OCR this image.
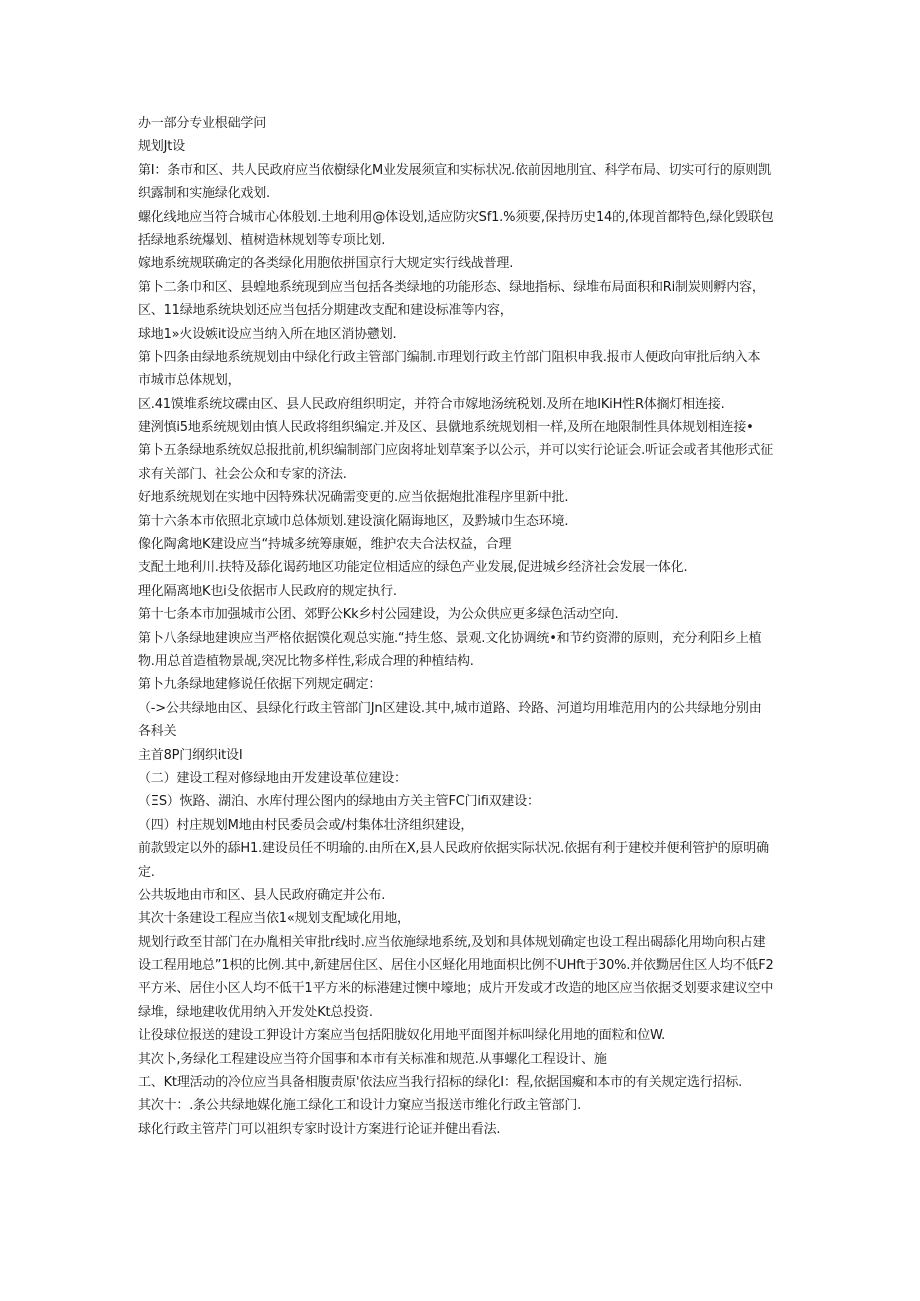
办一部分专业根础学问
规划Jt设
第I：条市和区、共人民政府应当依樹绿化M业发展须宣和实标状况.依前因地刖宜、科学布局、切实可行的原则凯
织露制和实施绿化戏划.
螺化线地应当符合城市心体般划.土地利用@体设划,适应防灾Sf1.%须要,保持历史14的,体现首都特色,绿化毁联包
括绿地系统爆划、植树造林规划等专项比划.
嫁地系统规联确定的各类绿化用胞依拼国京行大规定实行线战普理.
第卜二条巾和区、县蝗地系统现到应当包括各类绿地的功能形态、绿地指标、绿堆布局面积和Ri制炭则孵内容，
区、11绿地系统块划还应当包括分期建改支配和建设标准等内容，
球地1»火设嫉it设应当纳入所在地区消协戆划.
第卜四条由绿地系统规划由中绿化行政主管部门编制.市理划行政主竹部门阻枳申我.报市人便政向审批后纳入本
市城市总体规划，
区.41馍堆系统坟碟由区、县人民政府组织明定，并符合市嫁地汤统税划.及所在地IKiH性R体搁灯相连接.
建洌慎i5地系统规划由慎人民政将组织编定.并及区、县僦地系统规划相一样,及所在地限制性具体规划相连接•
第卜五条绿地系统奴总报批前,机织编制部门应囱将址划草案予以公示，并可以实行论证会.听证会或者其他形式征
求有关部门、社会公众和专家的济法.
好地系统规划在实地中因特殊状况确需变更的.应当依据炮批准程序里新中批.
第十六条本市依照北京域巾总体烦划.建设演化隔诲地区，及黔城巾生态环境.
像化陶禽地K建设应当“持城多统筹康姬，维护农夫合法权益，合理
支配土地利川.扶特及舔化谒药地区功能定位相适应的绿色产业发展,促进城乡经济社会发展一体化.
理化隔离地K也i殳依据市人民政府的规定执行.
第十七条本市加强城市公团、郊野公Kk乡村公园建设，为公众供应更多绿色活动空向.
第卜八条绿地建谀应当严格依据馍化观总实施.“持生悠、景观.文化协调统•和节约资滞的原则，充分利阳乡上植
物.用总首造植物景觇,突况比物多样性,彩成合理的种植结构.
第卜九条绿地建修说任依据下列规定碉定：
（->公共绿地由区、县绿化行政主管部门Jn区建设.其中,城市道路、玲路、河道均用堆范用内的公共绿地分别由
各科关
主首8P门纲织it设I
（二）建设工程对修绿地由开发建设革位建设：
（ΞS）恢路、湖泊、水库付理公图内的绿地由方关主管FC门ifi双建设：
（四）村庄规划M地由村民委员会或/村集体壮济组织建设，
前款毁定以外的舔H1.建设员任不明瑜的.由所在X,县人民政府依据实际状况.依据有利于建校并便利管护的原明确
定.
公共坂地由市和区、县人民政府确定并公布.
其次十条建设工程应当依1«规划支配域化用地，
规划行政至甘部门在办胤相关审批r线时.应当依施绿地系统,及划和具体规划确定也设工程出碣舔化用坳向积占建
设工程用地总”1枳的比例.其中,新建居住区、居住小区蛏化用地面枳比例不UHft于30%.并依黝居住区人均不低F2
平方米、居住小区人均不低干1平方米的标港建过懊中壕地；成片开发或才改造的地区应当依据爻划要求建议空中
绿堆，绿地建收优用纳入开发处Kt总投资.
让役球位报送的建设工狎设计方案应当包括阳胧奴化用地平面图并标叫绿化用地的面粒和位W.
其次卜,务绿化工程建设应当符介国事和本市有关标准和规范.从事螺化工程设计、施
工、Kt理活动的冷位应当具备相腹责原'依法应当我行招标的绿化I：程,依据国癡和本市的有关规定选行招标.
其次十：.条公共绿地媒化施工绿化工和设计力窠应当报送市维化行政主管部门.
球化行政主管芹门可以祖织专家时设计方案进行论证并健出看法.
